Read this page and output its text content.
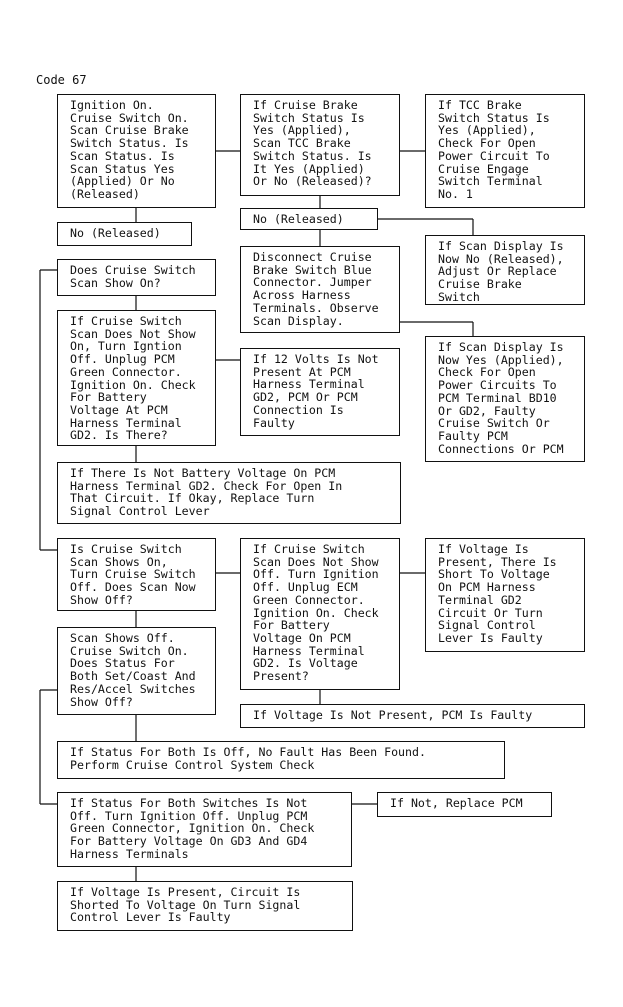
Code 67
Ignition On.
Cruise Switch On.
Scan Cruise Brake
Switch Status. Is
Scan Status. Is
Scan Status Yes
(Applied) Or No
(Released)
If Cruise Brake
Switch Status Is
Yes (Applied),
Scan TCC Brake
Switch Status. Is
It Yes (Applied)
Or No (Released)?
If TCC Brake
Switch Status Is
Yes (Applied),
Check For Open
Power Circuit To
Cruise Engage
Switch Terminal
No. 1
No (Released)
No (Released)
Disconnect Cruise
Brake Switch Blue
Connector. Jumper
Across Harness
Terminals. Observe
Scan Display.
If Scan Display Is
Now No (Released),
Adjust Or Replace
Cruise Brake
Switch
Does Cruise Switch
Scan Show On?
If Cruise Switch
Scan Does Not Show
On, Turn Igntion
Off. Unplug PCM
Green Connector.
Ignition On. Check
For Battery
Voltage At PCM
Harness Terminal
GD2. Is There?
If 12 Volts Is Not
Present At PCM
Harness Terminal
GD2, PCM Or PCM
Connection Is
Faulty
If Scan Display Is
Now Yes (Applied),
Check For Open
Power Circuits To
PCM Terminal BD10
Or GD2, Faulty
Cruise Switch Or
Faulty PCM
Connections Or PCM
If There Is Not Battery Voltage On PCM
Harness Terminal GD2. Check For Open In
That Circuit. If Okay, Replace Turn
Signal Control Lever
Is Cruise Switch
Scan Shows On,
Turn Cruise Switch
Off. Does Scan Now
Show Off?
If Cruise Switch
Scan Does Not Show
Off. Turn Ignition
Off. Unplug ECM
Green Connector.
Ignition On. Check
For Battery
Voltage On PCM
Harness Terminal
GD2. Is Voltage
Present?
If Voltage Is
Present, There Is
Short To Voltage
On PCM Harness
Terminal GD2
Circuit Or Turn
Signal Control
Lever Is Faulty
Scan Shows Off.
Cruise Switch On.
Does Status For
Both Set/Coast And
Res/Accel Switches
Show Off?
If Voltage Is Not Present, PCM Is Faulty
If Status For Both Is Off, No Fault Has Been Found.
Perform Cruise Control System Check
If Status For Both Switches Is Not
Off. Turn Ignition Off. Unplug PCM
Green Connector, Ignition On. Check
For Battery Voltage On GD3 And GD4
Harness Terminals
If Not, Replace PCM
If Voltage Is Present, Circuit Is
Shorted To Voltage On Turn Signal
Control Lever Is Faulty
